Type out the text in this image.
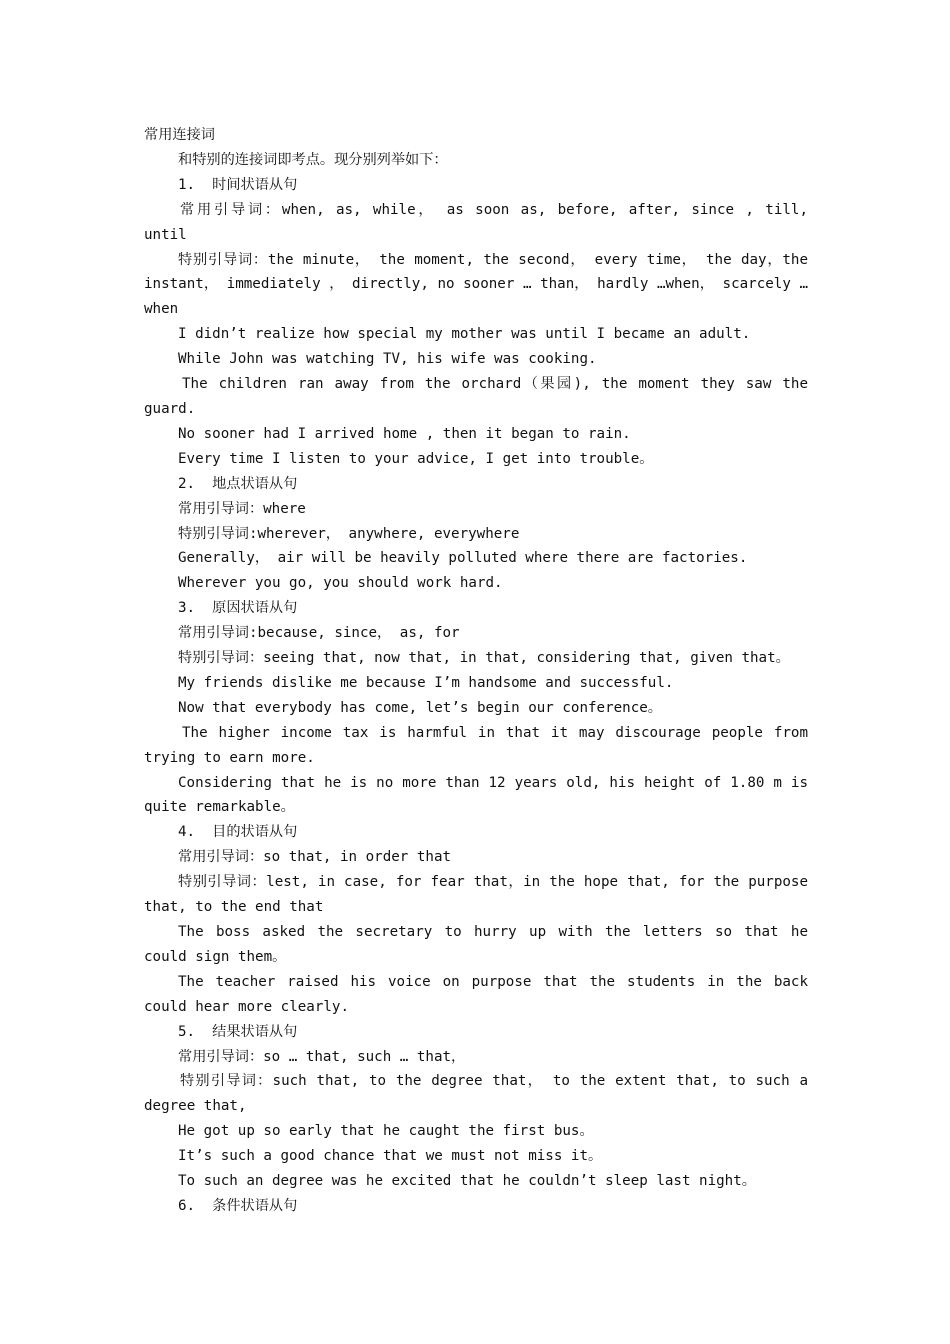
常用连接词
和特别的连接词即考点。现分别列举如下：
1.  时间状语从句
常用引导词：when, as, while， as soon as, before, after, since , till, until
特别引导词：the minute， the moment, the second， every time， the day，the instant， immediately ， directly, no sooner … than， hardly …when， scarcely … when
I didn’t realize how special my mother was until I became an adult.
While John was watching TV, his wife was cooking.
The children ran away from the orchard（果园), the moment they saw the guard.
No sooner had I arrived home , then it began to rain.
Every time I listen to your advice, I get into trouble。
2.  地点状语从句
常用引导词：where
特别引导词:wherever， anywhere, everywhere
Generally， air will be heavily polluted where there are factories.
Wherever you go, you should work hard.
3.  原因状语从句
常用引导词:because, since， as, for
特别引导词：seeing that, now that, in that, considering that, given that。
My friends dislike me because I’m handsome and successful.
Now that everybody has come, let’s begin our conference。
The higher income tax is harmful in that it may discourage people from trying to earn more.
Considering that he is no more than 12 years old, his height of 1.80 m is quite remarkable。
4.  目的状语从句
常用引导词：so that, in order that
特别引导词：lest, in case, for fear that，in the hope that, for the purpose that, to the end that
The boss asked the secretary to hurry up with the letters so that he could sign them。
The teacher raised his voice on purpose that the students in the back could hear more clearly.
5.  结果状语从句
常用引导词：so … that, such … that，
特别引导词：such that, to the degree that， to the extent that, to such a degree that,
He got up so early that he caught the first bus。
It’s such a good chance that we must not miss it。
To such an degree was he excited that he couldn’t sleep last night。
6.  条件状语从句
